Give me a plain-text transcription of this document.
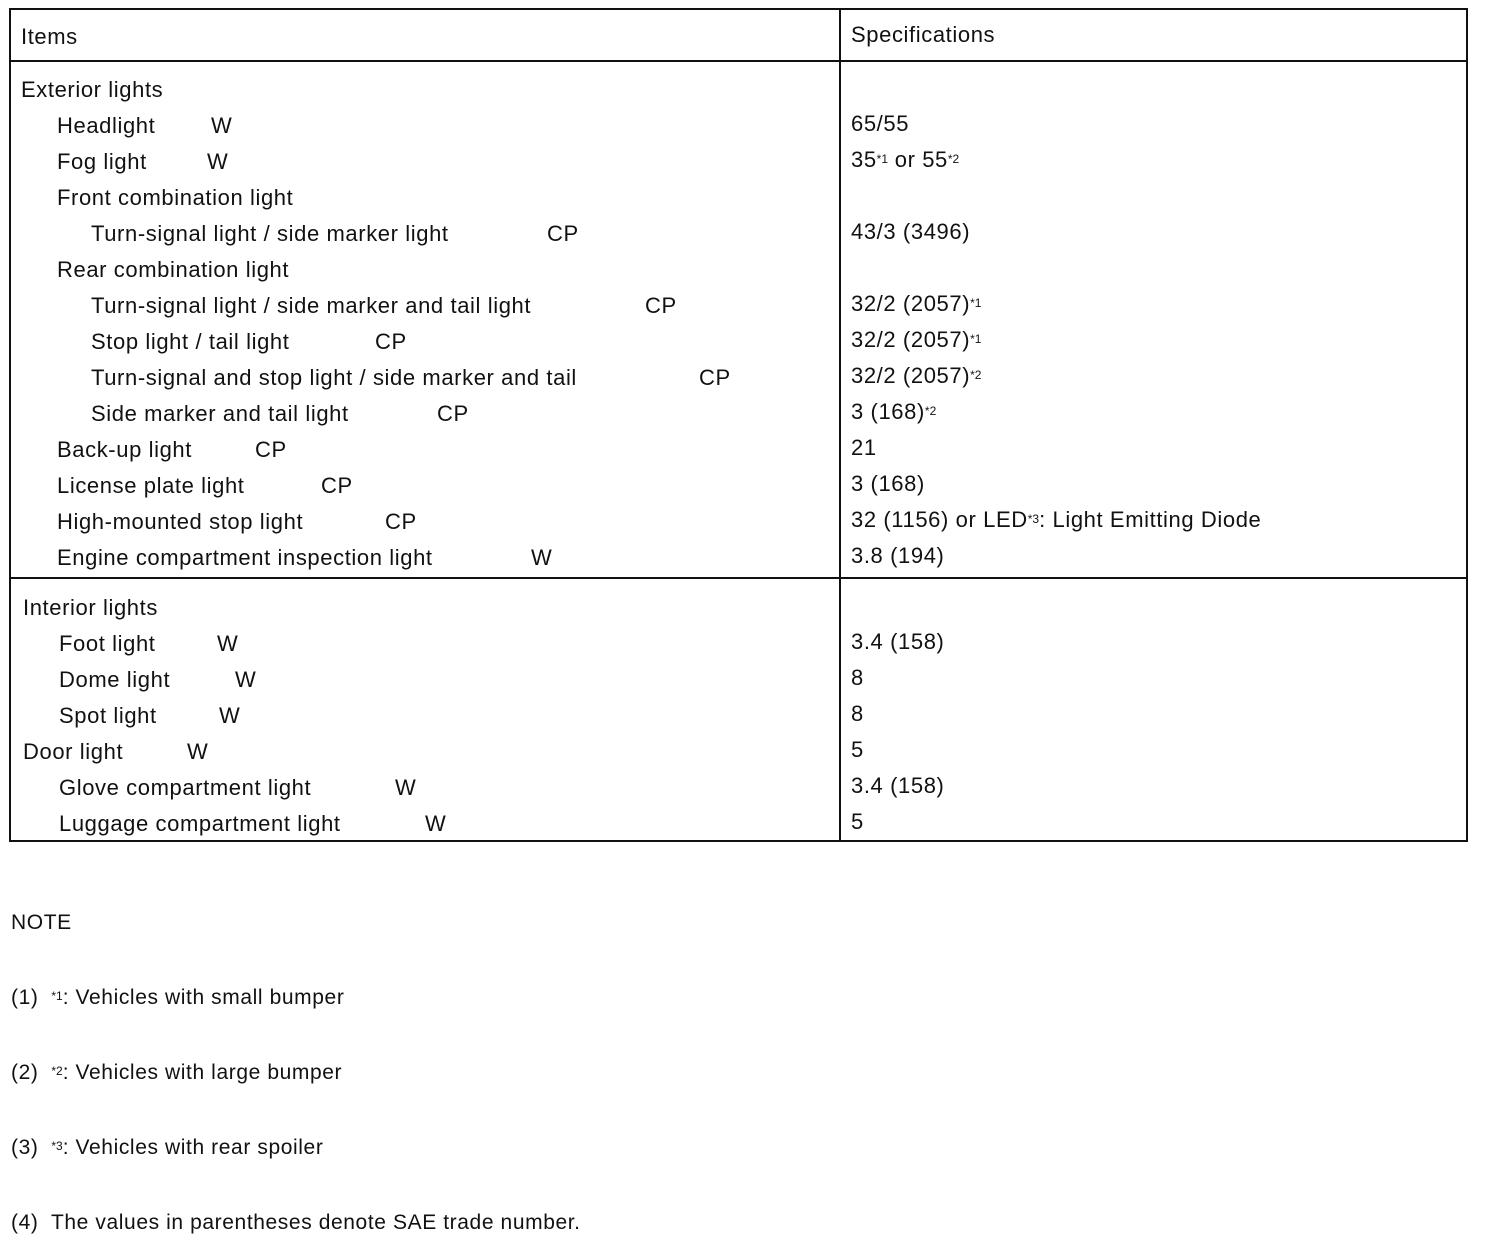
Items	Specifications
Exterior lights
Headlight	W	65/55
Fog light	W	35$^{*1}$ or 55$^{*2}$
Front combination light
Turn-signal light / side marker light	CP	43/3 (3496)
Rear combination light
Turn-signal light / side marker and tail light	CP	32/2 $(2057)^{*1}$
Stop light / tail light	CP	32/2 $(2057)^{*1}$
Turn-signal and stop light / side marker and tail	CP	32/2 $(2057)^{*2}$
Side marker and tail light	CP	3 $(168)^{*2}$
Back-up light	CP	21
License plate light	CP	3 (168)
High-mounted stop light	CP	32 (1156) or LED$^{*3}$: Light Emitting Diode
Engine compartment inspection light	W	3.8 (194)
Interior lights
Foot light	W	3.4 (158)
Dome light	W	8
Spot light	W	8
Door light	W	5
Glove compartment light	W	3.4 (158)
Luggage compartment light	W	5

NOTE

(1) $^{*1}$: Vehicles with small bumper

(2) $^{*2}$: Vehicles with large bumper

(3) $^{*3}$: Vehicles with rear spoiler

(4) The values in parentheses denote SAE trade number.
